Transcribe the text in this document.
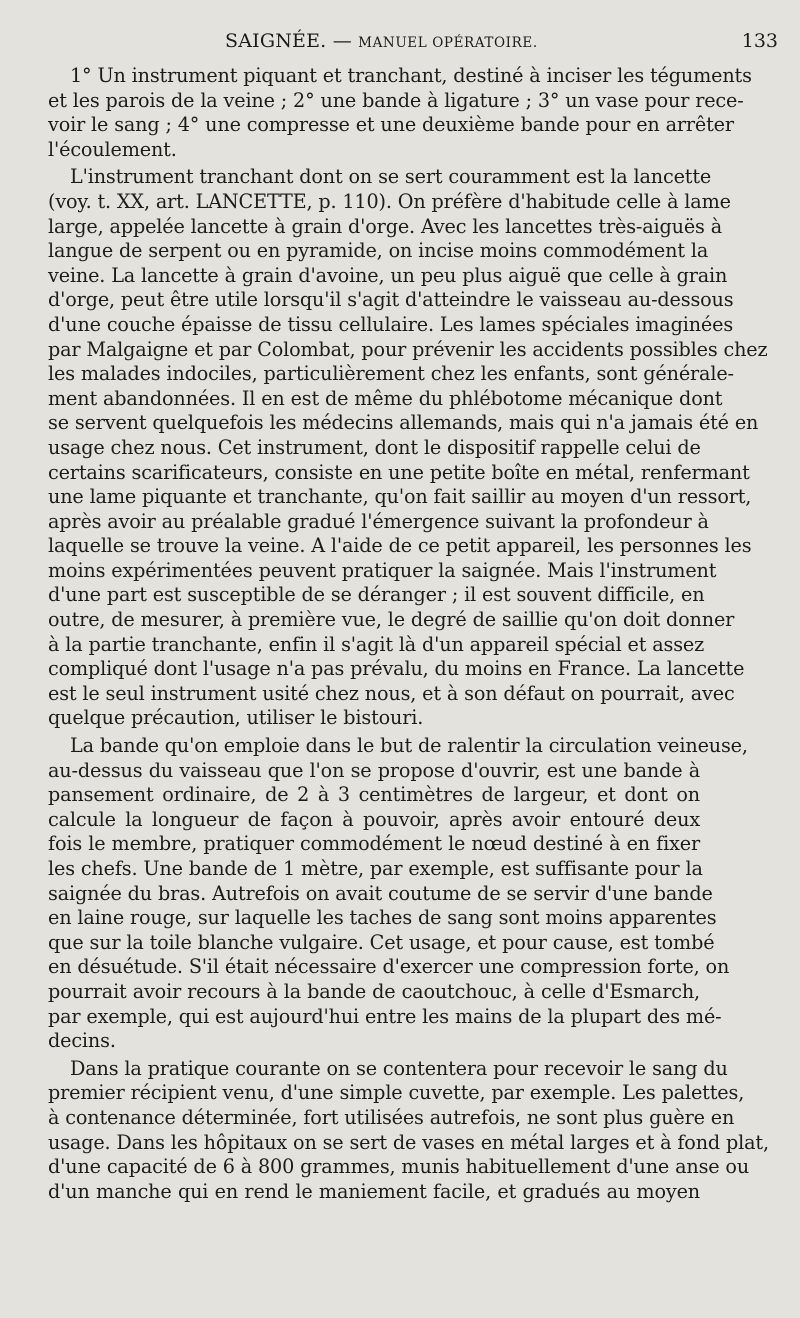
SAIGNÉE. — MANUEL OPÉRATOIRE.	133
1° Un instrument piquant et tranchant, destiné à inciser les téguments
et les parois de la veine ; 2° une bande à ligature ; 3° un vase pour rece-
voir le sang ; 4° une compresse et une deuxième bande pour en arrêter
l'écoulement.
L'instrument tranchant dont on se sert couramment est la lancette
(voy. t. XX, art. LANCETTE, p. 110). On préfère d'habitude celle à lame
large, appelée lancette à grain d'orge. Avec les lancettes très-aiguës à
langue de serpent ou en pyramide, on incise moins commodément la
veine. La lancette à grain d'avoine, un peu plus aiguë que celle à grain
d'orge, peut être utile lorsqu'il s'agit d'atteindre le vaisseau au-dessous
d'une couche épaisse de tissu cellulaire. Les lames spéciales imaginées
par Malgaigne et par Colombat, pour prévenir les accidents possibles chez
les malades indociles, particulièrement chez les enfants, sont générale-
ment abandonnées. Il en est de même du phlébotome mécanique dont
se servent quelquefois les médecins allemands, mais qui n'a jamais été en
usage chez nous. Cet instrument, dont le dispositif rappelle celui de
certains scarificateurs, consiste en une petite boîte en métal, renfermant
une lame piquante et tranchante, qu'on fait saillir au moyen d'un ressort,
après avoir au préalable gradué l'émergence suivant la profondeur à
laquelle se trouve la veine. A l'aide de ce petit appareil, les personnes les
moins expérimentées peuvent pratiquer la saignée. Mais l'instrument
d'une part est susceptible de se déranger ; il est souvent difficile, en
outre, de mesurer, à première vue, le degré de saillie qu'on doit donner
à la partie tranchante, enfin il s'agit là d'un appareil spécial et assez
compliqué dont l'usage n'a pas prévalu, du moins en France. La lancette
est le seul instrument usité chez nous, et à son défaut on pourrait, avec
quelque précaution, utiliser le bistouri.
La bande qu'on emploie dans le but de ralentir la circulation veineuse,
au-dessus du vaisseau que l'on se propose d'ouvrir, est une bande à
pansement ordinaire, de 2 à 3 centimètres de largeur, et dont on
calcule la longueur de façon à pouvoir, après avoir entouré deux
fois le membre, pratiquer commodément le nœud destiné à en fixer
les chefs. Une bande de 1 mètre, par exemple, est suffisante pour la
saignée du bras. Autrefois on avait coutume de se servir d'une bande
en laine rouge, sur laquelle les taches de sang sont moins apparentes
que sur la toile blanche vulgaire. Cet usage, et pour cause, est tombé
en désuétude. S'il était nécessaire d'exercer une compression forte, on
pourrait avoir recours à la bande de caoutchouc, à celle d'Esmarch,
par exemple, qui est aujourd'hui entre les mains de la plupart des mé-
decins.
Dans la pratique courante on se contentera pour recevoir le sang du
premier récipient venu, d'une simple cuvette, par exemple. Les palettes,
à contenance déterminée, fort utilisées autrefois, ne sont plus guère en
usage. Dans les hôpitaux on se sert de vases en métal larges et à fond plat,
d'une capacité de 6 à 800 grammes, munis habituellement d'une anse ou
d'un manche qui en rend le maniement facile, et gradués au moyen
